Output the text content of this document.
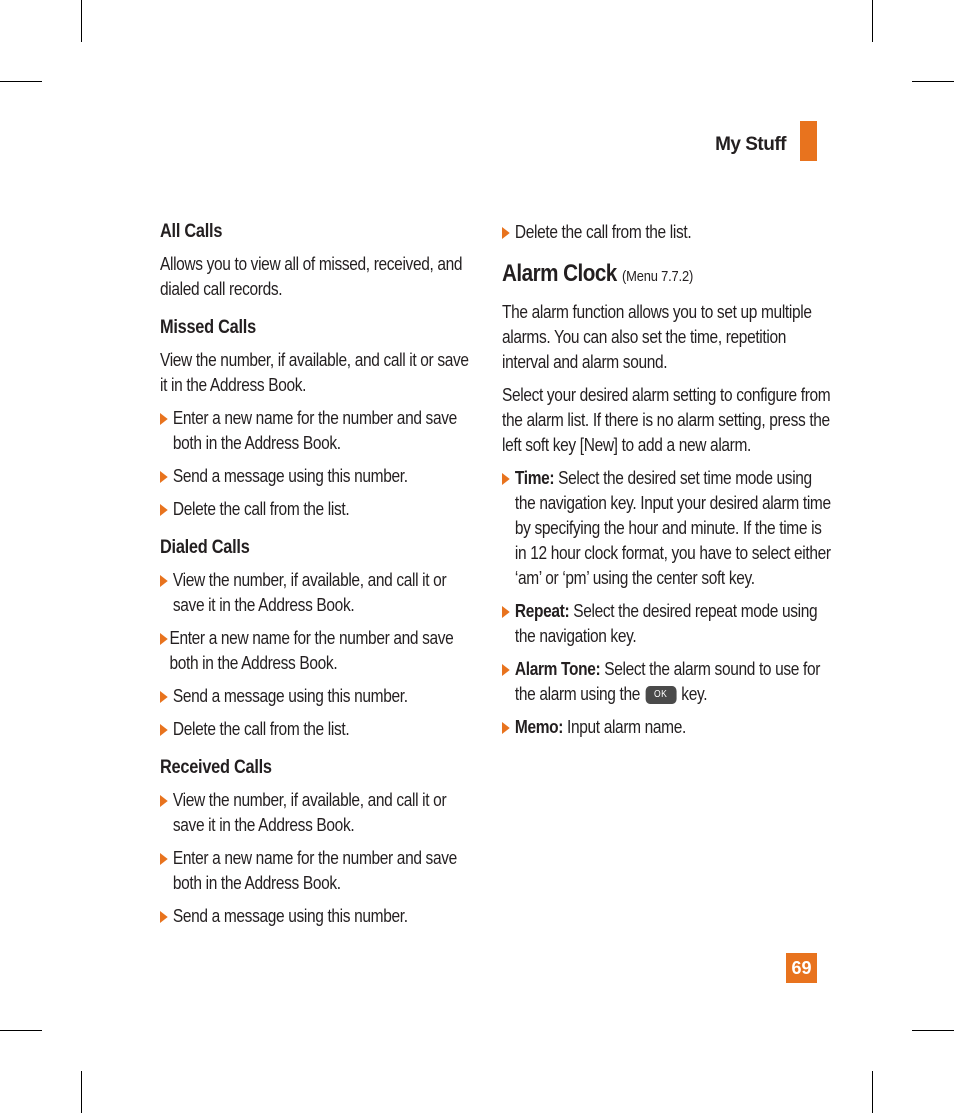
My Stuff
All Calls

Allows you to view all of missed, received, and dialed call records.

Missed Calls

View the number, if available, and call it or save it in the Address Book.

Enter a new name for the number and save both in the Address Book.
Send a message using this number.
Delete the call from the list.
Dialed Calls
View the number, if available, and call it or save it in the Address Book.
Enter a new name for the number and save both in the Address Book.
Send a message using this number.
Delete the call from the list.
Received Calls
View the number, if available, and call it or save it in the Address Book.
Enter a new name for the number and save both in the Address Book.
Send a message using this number.
Delete the call from the list.
Alarm Clock (Menu 7.7.2)

The alarm function allows you to set up multiple alarms. You can also set the time, repetition interval and alarm sound.

Select your desired alarm setting to configure from the alarm list. If there is no alarm setting, press the left soft key [New] to add a new alarm.

Time: Select the desired set time mode using the navigation key. Input your desired alarm time by specifying the hour and minute. If the time is in 12 hour clock format, you have to select either ‘am’ or ‘pm’ using the center soft key.
Repeat: Select the desired repeat mode using the navigation key.
Alarm Tone: Select the alarm sound to use for the alarm using the OK key.
Memo: Input alarm name.
69
